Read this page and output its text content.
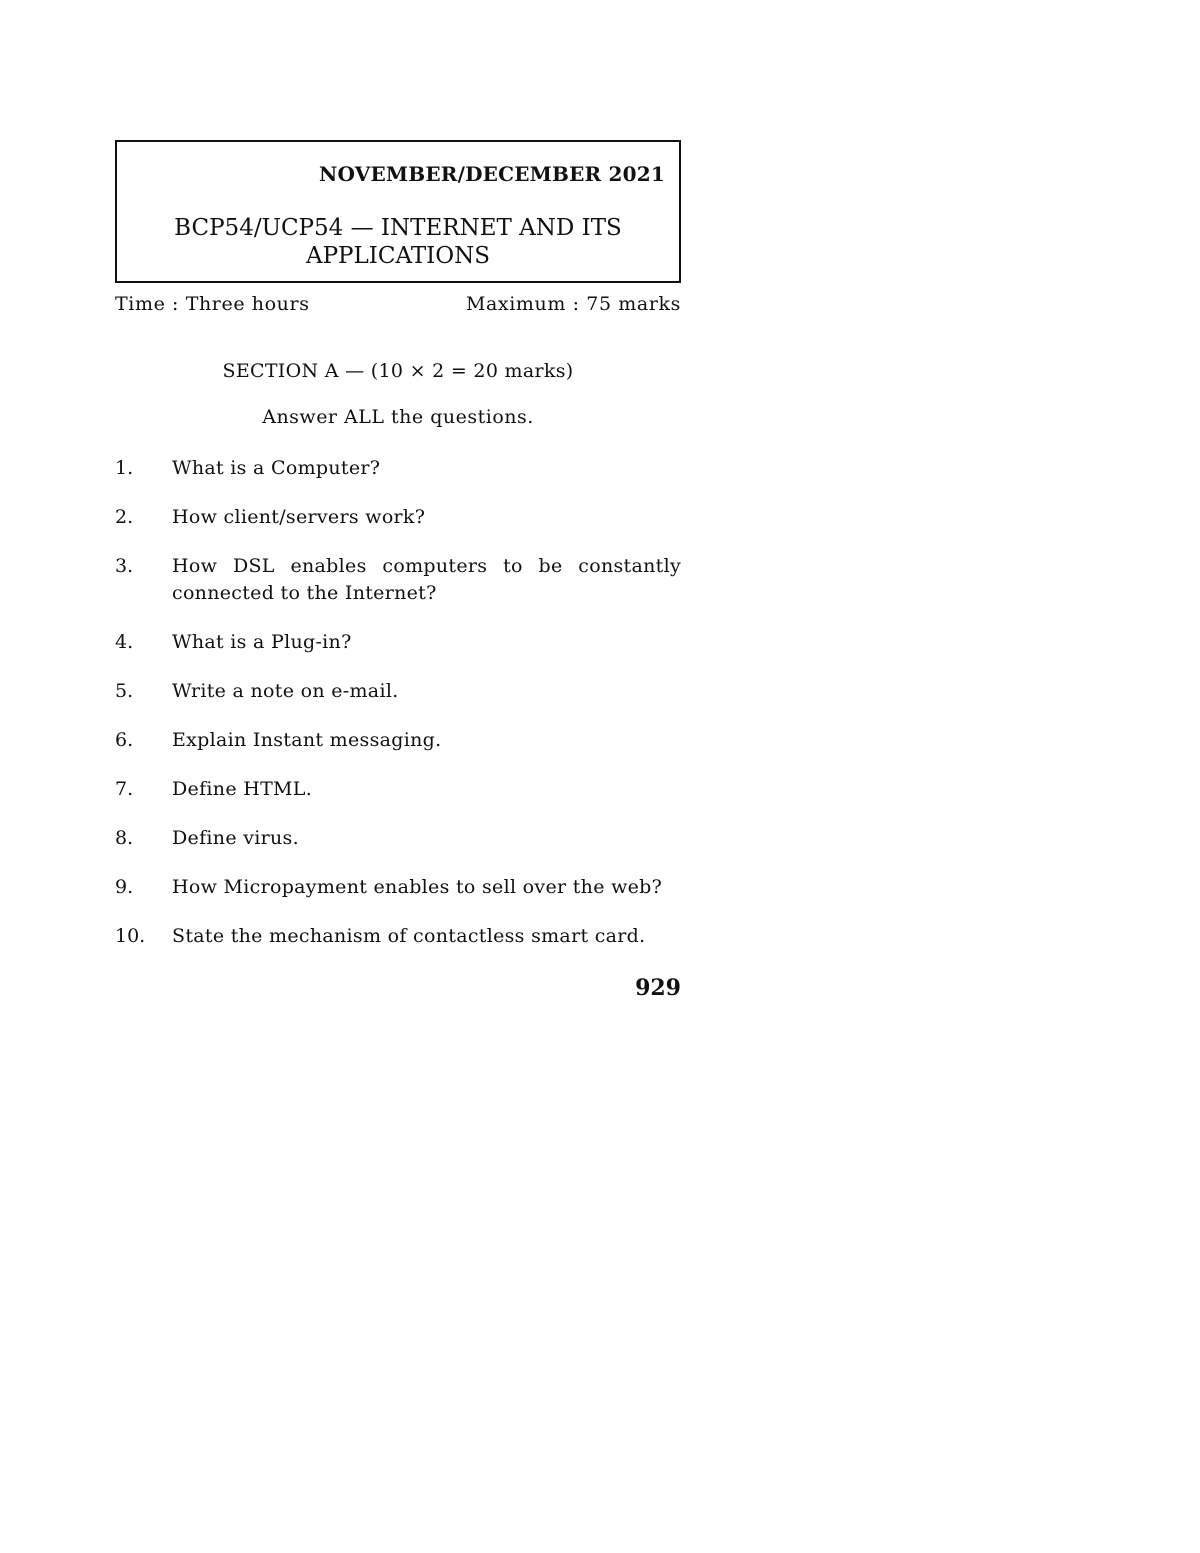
NOVEMBER/DECEMBER 2021
BCP54/UCP54 — INTERNET AND ITS
APPLICATIONS
Time : Three hours	Maximum : 75 marks
SECTION A — (10 × 2 = 20 marks)
Answer ALL the questions.
1.	What is a Computer?
2.	How client/servers work?
3.	How DSL enables computers to be constantly connected to the Internet?
4.	What is a Plug-in?
5.	Write a note on e-mail.
6.	Explain Instant messaging.
7.	Define HTML.
8.	Define virus.
9.	How Micropayment enables to sell over the web?
10.	State the mechanism of contactless smart card.
929
